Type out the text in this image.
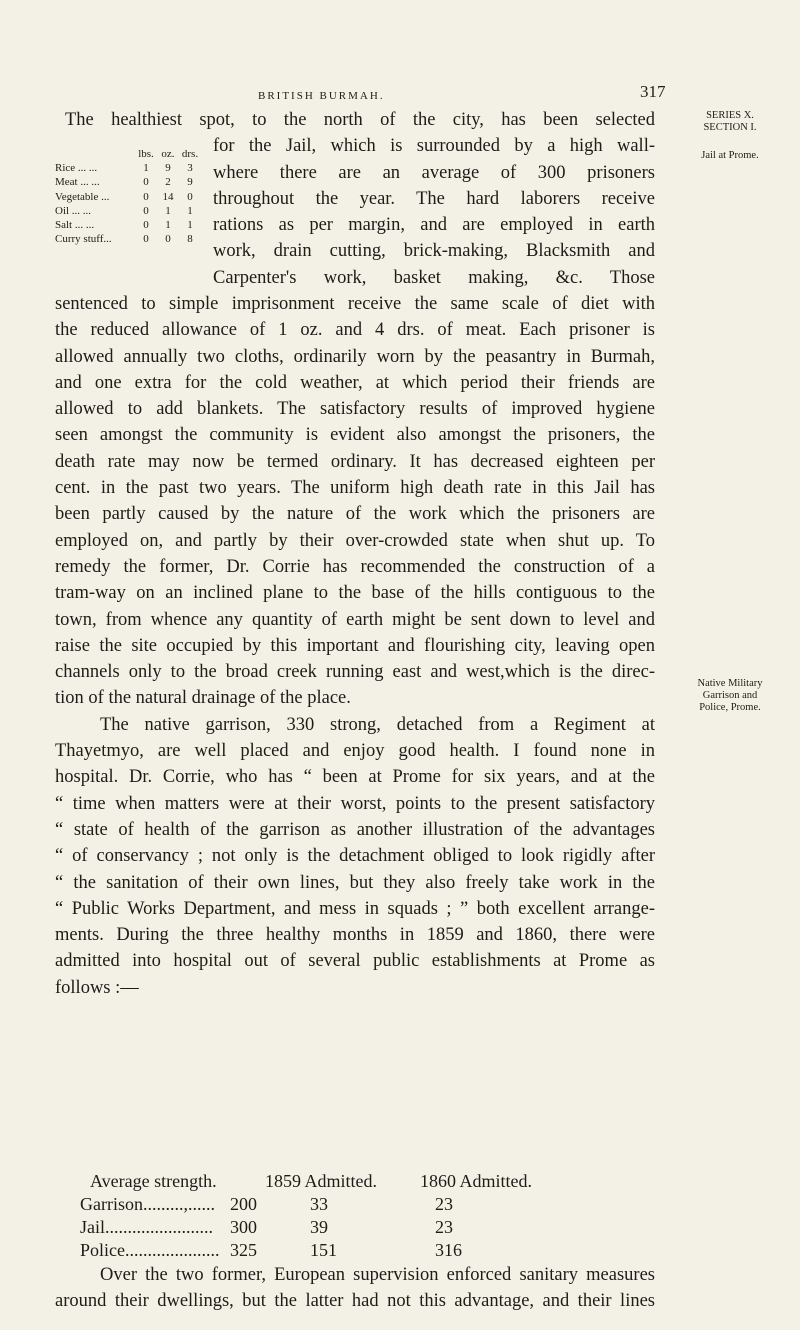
BRITISH BURMAH.	317
SERIES X.
SECTION I.
Jail at Prome.
Native Military
Garrison and
Police, Prome.
lbs. oz. drs.
Rice ... ...	1	9	3
Meat ... ...	0	2	9
Vegetable ...	0	14	0
Oil ... ...	0	1	1
Salt ... ...	0	1	1
Curry stuff...	0	0	8
The healthiest spot, to the north of the city, has been selected
for the Jail, which is surrounded by a high wall-
where there are an average of 300 prisoners
throughout the year. The hard laborers receive
rations as per margin, and are employed in earth
work, drain cutting, brick-making, Blacksmith and
Carpenter's work, basket making, &c. Those
sentenced to simple imprisonment receive the same scale of diet with
the reduced allowance of 1 oz. and 4 drs. of meat. Each prisoner is
allowed annually two cloths, ordinarily worn by the peasantry in Burmah,
and one extra for the cold weather, at which period their friends are
allowed to add blankets. The satisfactory results of improved hygiene
seen amongst the community is evident also amongst the prisoners, the
death rate may now be termed ordinary. It has decreased eighteen per
cent. in the past two years. The uniform high death rate in this Jail has
been partly caused by the nature of the work which the prisoners are
employed on, and partly by their over-crowded state when shut up. To
remedy the former, Dr. Corrie has recommended the construction of a
tram-way on an inclined plane to the base of the hills contiguous to the
town, from whence any quantity of earth might be sent down to level and
raise the site occupied by this important and flourishing city, leaving open
channels only to the broad creek running east and west,which is the direc-
tion of the natural drainage of the place.
The native garrison, 330 strong, detached from a Regiment at
Thayetmyo, are well placed and enjoy good health. I found none in
hospital. Dr. Corrie, who has “ been at Prome for six years, and at the
“ time when matters were at their worst, points to the present satisfactory
“ state of health of the garrison as another illustration of the advantages
“ of conservancy ; not only is the detachment obliged to look rigidly after
“ the sanitation of their own lines, but they also freely take work in the
“ Public Works Department, and mess in squads ; ” both excellent arrange-
ments. During the three healthy months in 1859 and 1860, there were
admitted into hospital out of several public establishments at Prome as
follows :—
Average strength.	1859 Admitted.	1860 Admitted.
Garrison.........,...... 200	33	23
Jail........................ 300	39	23
Police..................... 325	151	316
Over the two former, European supervision enforced sanitary measures
around their dwellings, but the latter had not this advantage, and their lines
